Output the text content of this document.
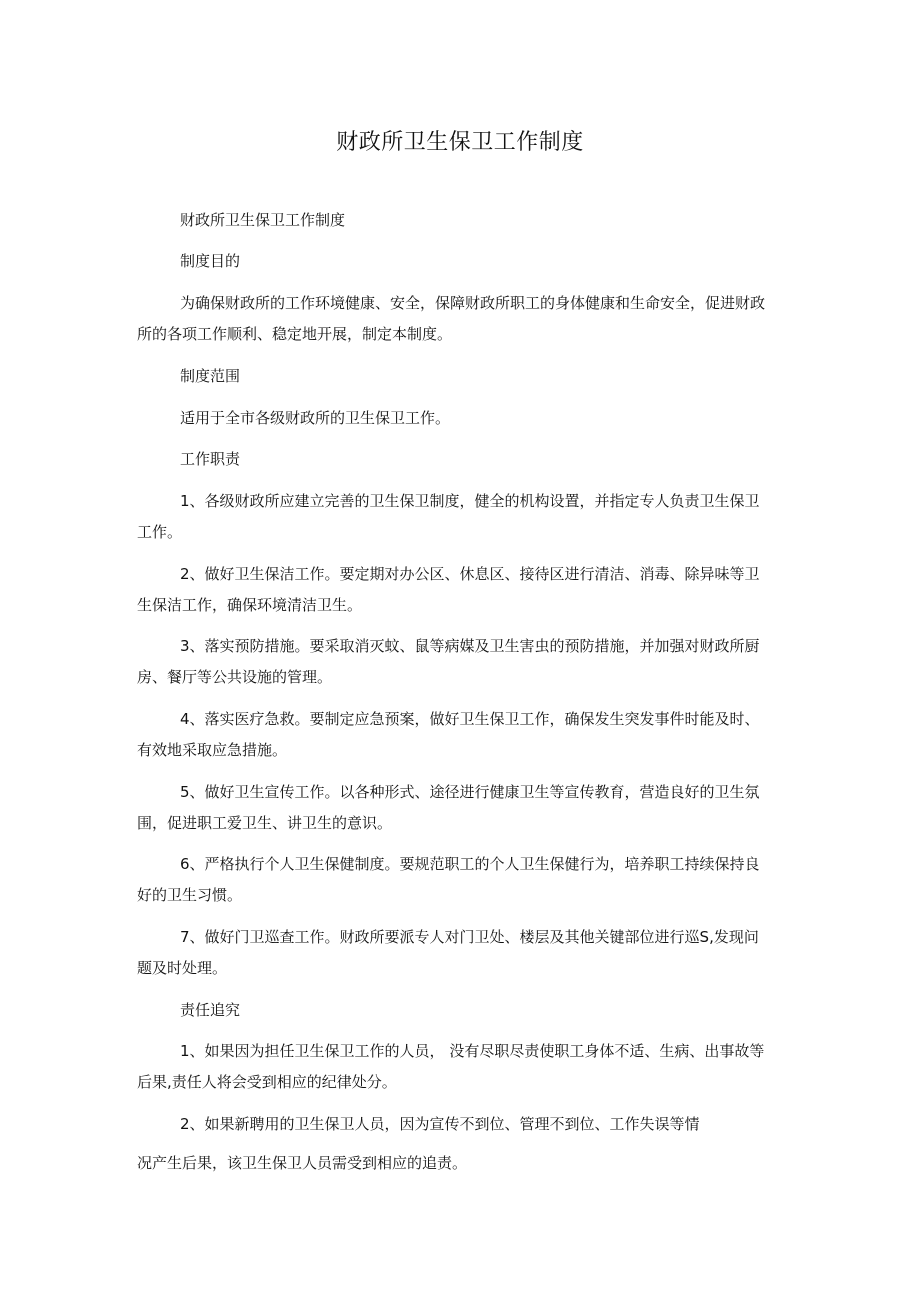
财政所卫生保卫工作制度
财政所卫生保卫工作制度
制度目的
为确保财政所的工作环境健康、安全，保障财政所职工的身体健康和生命安全，促进财政
所的各项工作顺利、稳定地开展，制定本制度。
制度范围
适用于全市各级财政所的卫生保卫工作。
工作职责
1、各级财政所应建立完善的卫生保卫制度，健全的机构设置，并指定专人负责卫生保卫
工作。
2、做好卫生保洁工作。要定期对办公区、休息区、接待区进行清洁、消毒、除异味等卫
生保洁工作，确保环境清洁卫生。
3、落实预防措施。要采取消灭蚊、鼠等病媒及卫生害虫的预防措施，并加强对财政所厨
房、餐厅等公共设施的管理。
4、落实医疗急救。要制定应急预案，做好卫生保卫工作，确保发生突发事件时能及时、
有效地采取应急措施。
5、做好卫生宣传工作。以各种形式、途径进行健康卫生等宣传教育，营造良好的卫生氛
围，促进职工爱卫生、讲卫生的意识。
6、严格执行个人卫生保健制度。要规范职工的个人卫生保健行为，培养职工持续保持良
好的卫生习惯。
7、做好门卫巡查工作。财政所要派专人对门卫处、楼层及其他关键部位进行巡S,发现问
题及时处理。
责任追究
1、如果因为担任卫生保卫工作的人员， 没有尽职尽责使职工身体不适、生病、出事故等
后果,责任人将会受到相应的纪律处分。
2、如果新聘用的卫生保卫人员，因为宣传不到位、管理不到位、工作失误等情
况产生后果，该卫生保卫人员需受到相应的追责。
